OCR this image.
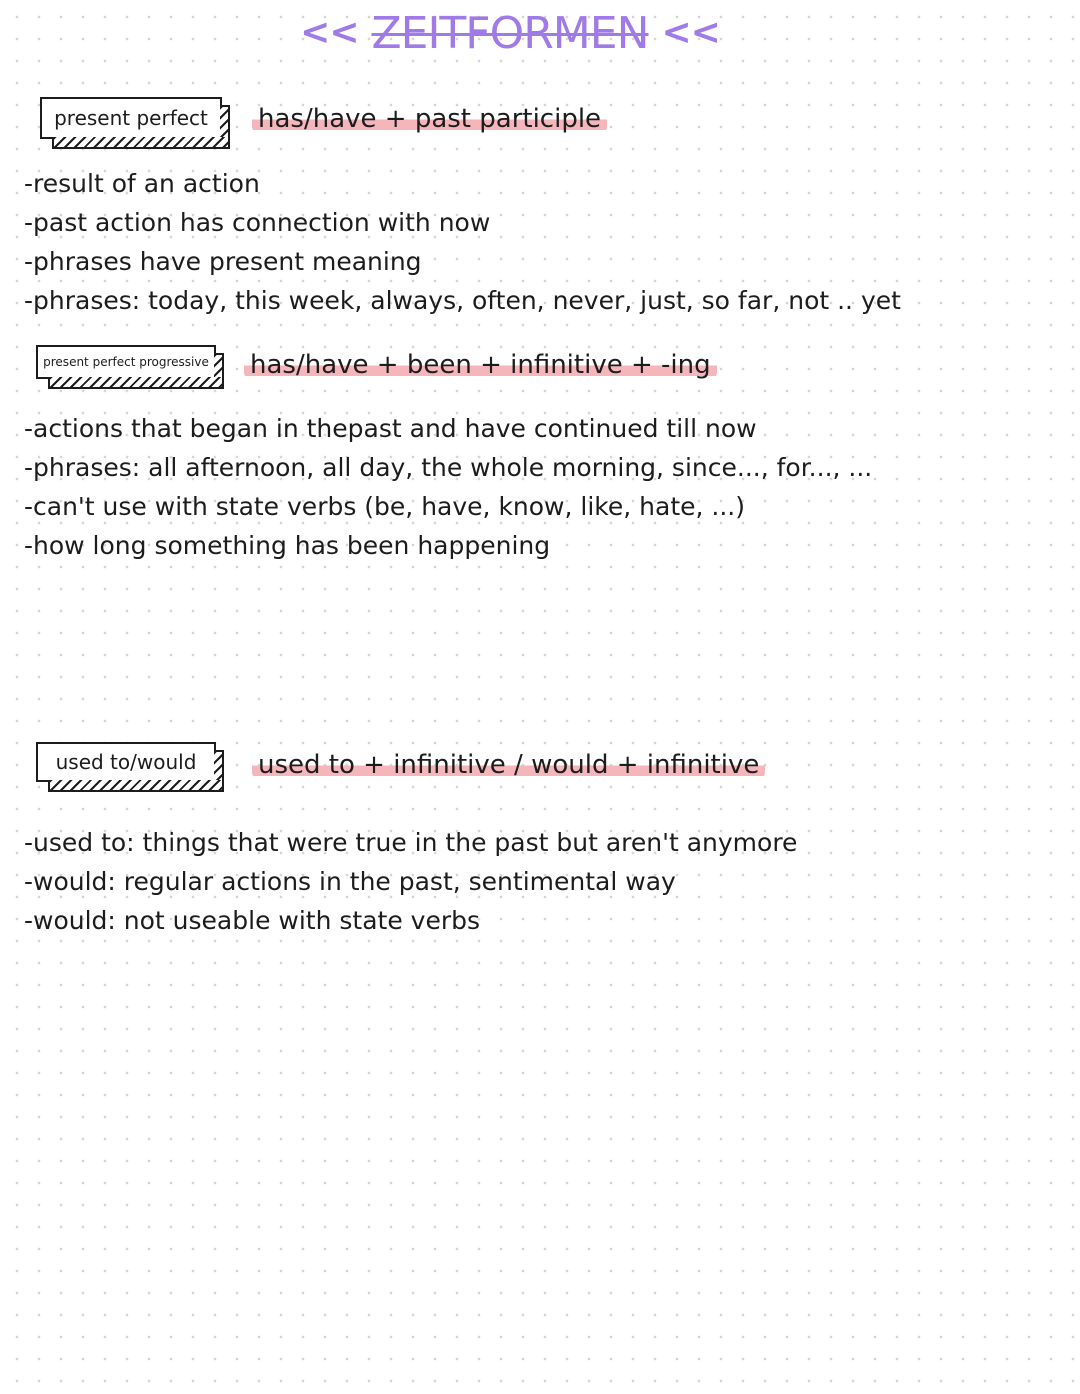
<< ZEITFORMEN <<
present perfect has/have + past participle
-result of an action
-past action has connection with now
-phrases have present meaning
-phrases: today, this week, always, often, never, just, so far, not .. yet
present perfect progressive has/have + been + infinitive + -ing
-actions that began in thepast and have continued till now
-phrases: all afternoon, all day, the whole morning, since..., for..., ...
-can't use with state verbs (be, have, know, like, hate, ...)
-how long something has been happening
used to/would used to + infinitive / would + infinitive
-used to: things that were true in the past but aren't anymore
-would: regular actions in the past, sentimental way
-would: not useable with state verbs
